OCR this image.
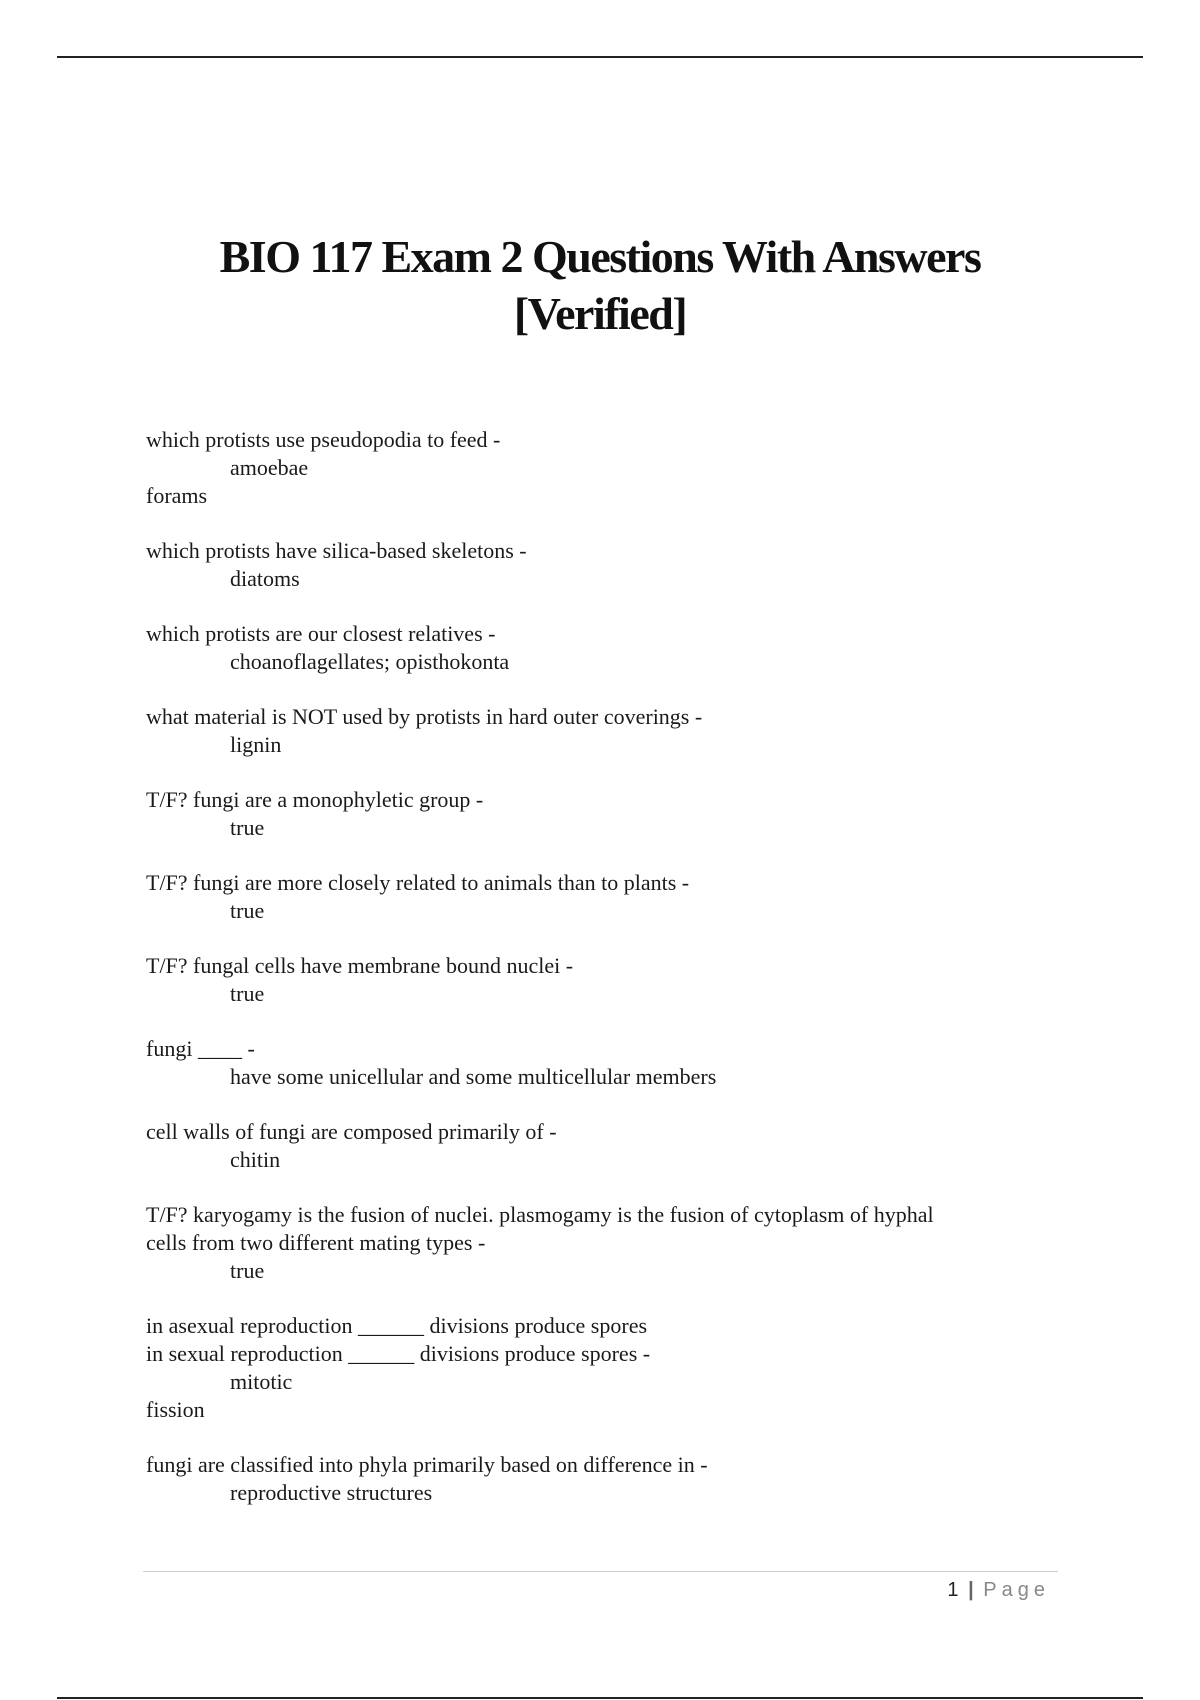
BIO 117 Exam 2 Questions With Answers
[Verified]
which protists use pseudopodia to feed -
amoebae
forams
which protists have silica-based skeletons -
diatoms
which protists are our closest relatives -
choanoflagellates; opisthokonta
what material is NOT used by protists in hard outer coverings -
lignin
T/F? fungi are a monophyletic group -
true
T/F? fungi are more closely related to animals than to plants -
true
T/F? fungal cells have membrane bound nuclei -
true
fungi ____ -
have some unicellular and some multicellular members
cell walls of fungi are composed primarily of -
chitin
T/F? karyogamy is the fusion of nuclei. plasmogamy is the fusion of cytoplasm of hyphal
cells from two different mating types -
true
in asexual reproduction ______ divisions produce spores
in sexual reproduction ______ divisions produce spores -
mitotic
fission
fungi are classified into phyla primarily based on difference in -
reproductive structures
1 | Page
